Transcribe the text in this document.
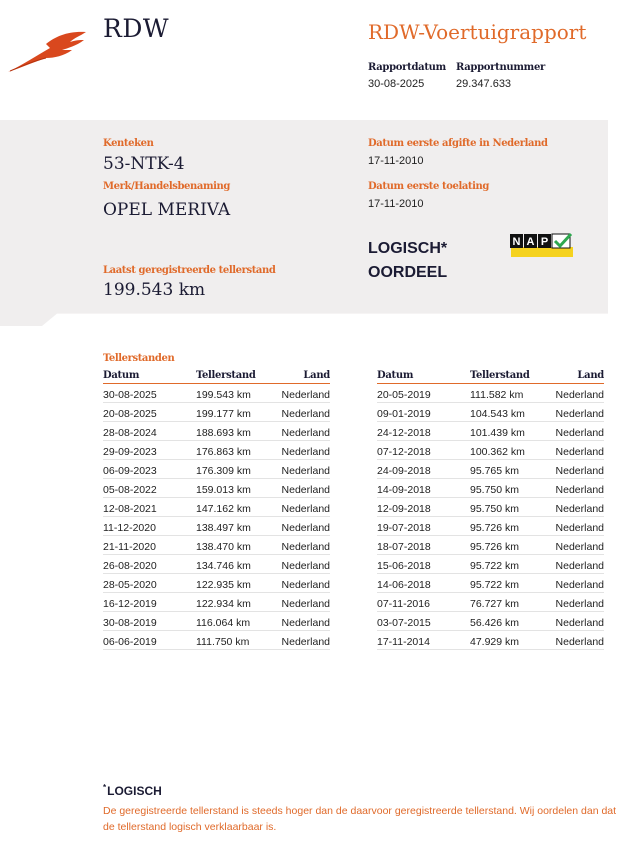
RDW	RDW-Voertuigrapport
Rapportdatum
30-08-2025
Rapportnummer
29.347.633
Kenteken
53-NTK-4
Merk/Handelsbenaming
OPEL MERIVA
Laatst geregistreerde tellerstand
199.543 km
Datum eerste afgifte in Nederland
17-11-2010
Datum eerste toelating
17-11-2010
LOGISCH*
OORDEEL
N A P
Tellerstanden
Datum	Tellerstand	Land
30-08-2025	199.543 km	Nederland
20-08-2025	199.177 km	Nederland
28-08-2024	188.693 km	Nederland
29-09-2023	176.863 km	Nederland
06-09-2023	176.309 km	Nederland
05-08-2022	159.013 km	Nederland
12-08-2021	147.162 km	Nederland
11-12-2020	138.497 km	Nederland
21-11-2020	138.470 km	Nederland
26-08-2020	134.746 km	Nederland
28-05-2020	122.935 km	Nederland
16-12-2019	122.934 km	Nederland
30-08-2019	116.064 km	Nederland
06-06-2019	111.750 km	Nederland
Datum	Tellerstand	Land
20-05-2019	111.582 km	Nederland
09-01-2019	104.543 km	Nederland
24-12-2018	101.439 km	Nederland
07-12-2018	100.362 km	Nederland
24-09-2018	95.765 km	Nederland
14-09-2018	95.750 km	Nederland
12-09-2018	95.750 km	Nederland
19-07-2018	95.726 km	Nederland
18-07-2018	95.726 km	Nederland
15-06-2018	95.722 km	Nederland
14-06-2018	95.722 km	Nederland
07-11-2016	76.727 km	Nederland
03-07-2015	56.426 km	Nederland
17-11-2014	47.929 km	Nederland
*LOGISCH
De geregistreerde tellerstand is steeds hoger dan de daarvoor geregistreerde tellerstand. Wij oordelen dan dat de tellerstand logisch verklaarbaar is.
